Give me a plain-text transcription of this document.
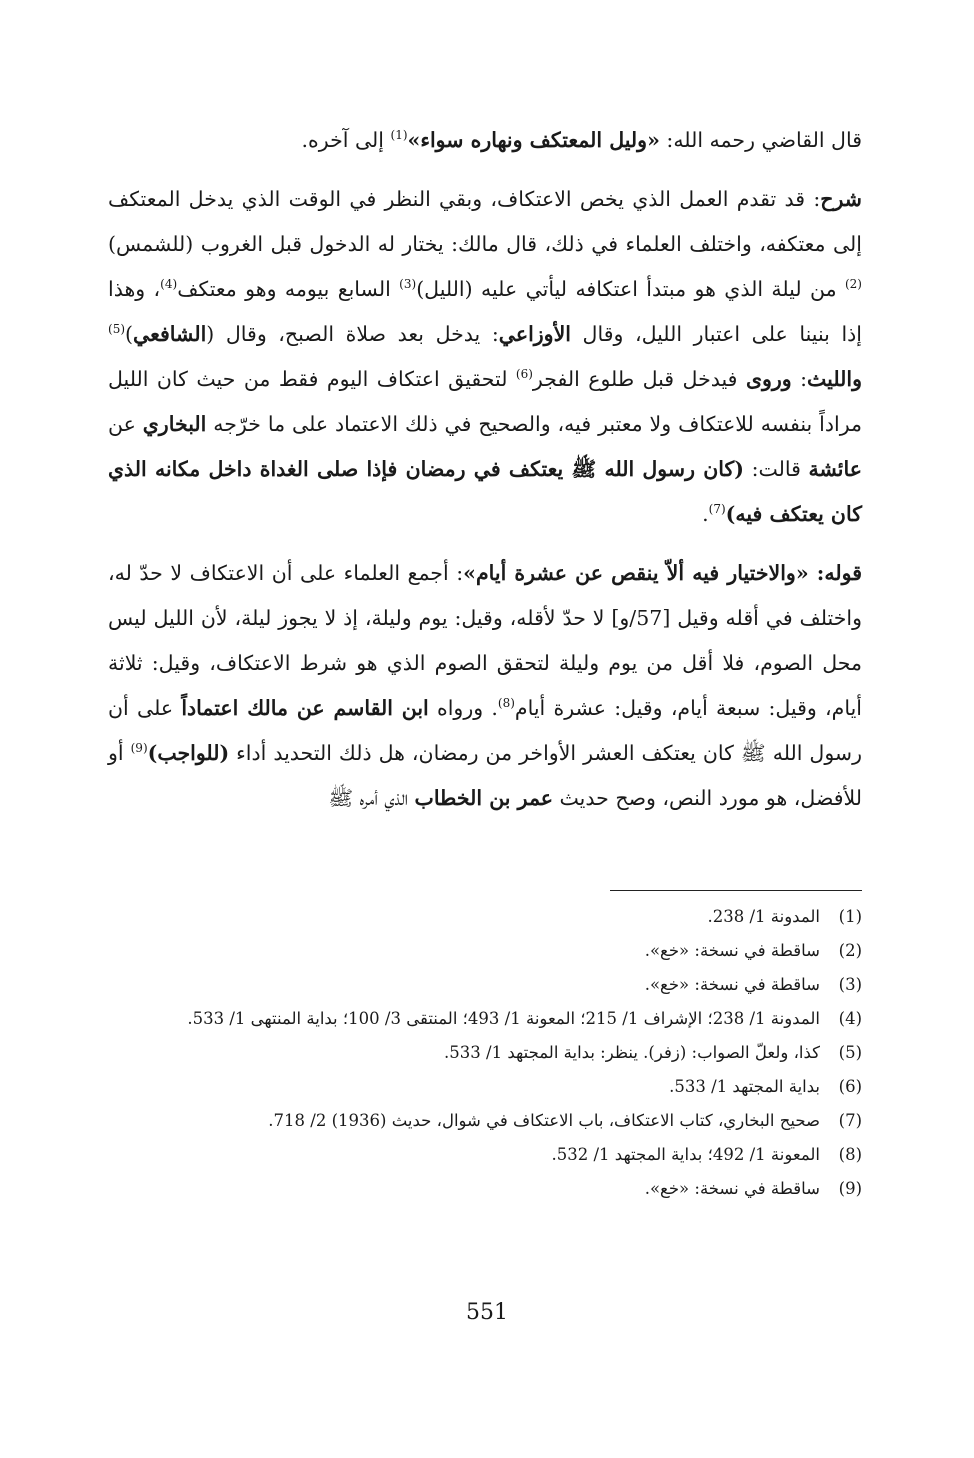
قال القاضي رحمه الله: «وليل المعتكف ونهاره سواء»$^{(1)}$ إلى آخره.

شرح: قد تقدم العمل الذي يخص الاعتكاف، وبقي النظر في الوقت الذي يدخل المعتكف إلى معتكفه، واختلف العلماء في ذلك، قال مالك: يختار له الدخول قبل الغروب (للشمس)$^{(2)}$ من ليلة الذي هو مبتدأ اعتكافه ليأتي عليه (الليل)$^{(3)}$ السابع بيومه وهو معتكف$^{(4)}$، وهذا إذا بنينا على اعتبار الليل، وقال الأوزاعي: يدخل بعد صلاة الصبح، وقال (الشافعي)$^{(5)}$ والليث: وروى فيدخل قبل طلوع الفجر$^{(6)}$ لتحقيق اعتكاف اليوم فقط من حيث كان الليل مراداً بنفسه للاعتكاف ولا معتبر فيه، والصحيح في ذلك الاعتماد على ما خرّجه البخاري عن عائشة قالت: (كان رسول الله ﷺ يعتكف في رمضان فإذا صلى الغداة داخل مكانه الذي كان يعتكف فيه)$^{(7)}$.

قوله: «والاختيار فيه ألاّ ينقص عن عشرة أيام»: أجمع العلماء على أن الاعتكاف لا حدّ له، واختلف في أقله وقيل [57/و] لا حدّ لأقله، وقيل: يوم وليلة، إذ لا يجوز ليلة، لأن الليل ليس محل الصوم، فلا أقل من يوم وليلة لتحقق الصوم الذي هو شرط الاعتكاف، وقيل: ثلاثة أيام، وقيل: سبعة أيام، وقيل: عشرة أيام$^{(8)}$. ورواه ابن القاسم عن مالك اعتماداً على أن رسول الله ﷺ كان يعتكف العشر الأواخر من رمضان، هل ذلك التحديد أداء (للواجب)$^{(9)}$ أو للأفضل، هو مورد النص، وصح حديث عمر بن الخطاب الذي أمره ﷺ

(1)
المدونة 1/ 238.
(2)
ساقطة في نسخة: «خع».
(3)
ساقطة في نسخة: «خع».
(4)
المدونة 1/ 238؛ الإشراف 1/ 215؛ المعونة 1/ 493؛ المنتقى 3/ 100؛ بداية المنتهى 1/ 533.
(5)
كذا، ولعلّ الصواب: (زفر). ينظر: بداية المجتهد 1/ 533.
(6)
بداية المجتهد 1/ 533.
(7)
صحيح البخاري، كتاب الاعتكاف، باب الاعتكاف في شوال، حديث (1936) 2/ 718.
(8)
المعونة 1/ 492؛ بداية المجتهد 1/ 532.
(9)
ساقطة في نسخة: «خع».
551
